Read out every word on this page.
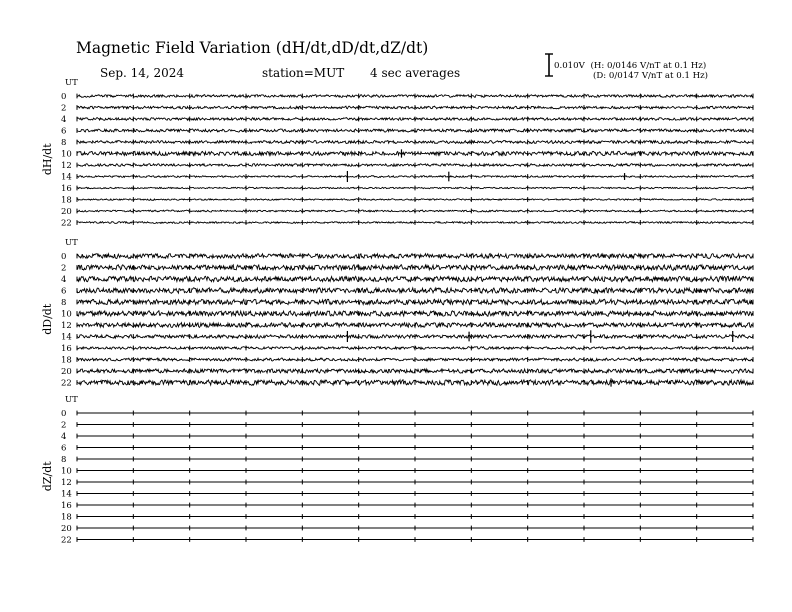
Magnetic Field Variation (dH/dt,dD/dt,dZ/dt)
Sep. 14, 2024	station=MUT 4 sec averages	0.010V (H: 0/0146 V/nT at 0.1 Hz)
(D: 0/0147 V/nT at 0.1 Hz)
UT
dH/dt
0
2
4
6
8
10
12
14
16
18
20
22
UT
dD/dt
0
2
4
6
8
10
12
14
16
18
20
22
UT
dZ/dt
0
2
4
6
8
10
12
14
16
18
20
22
